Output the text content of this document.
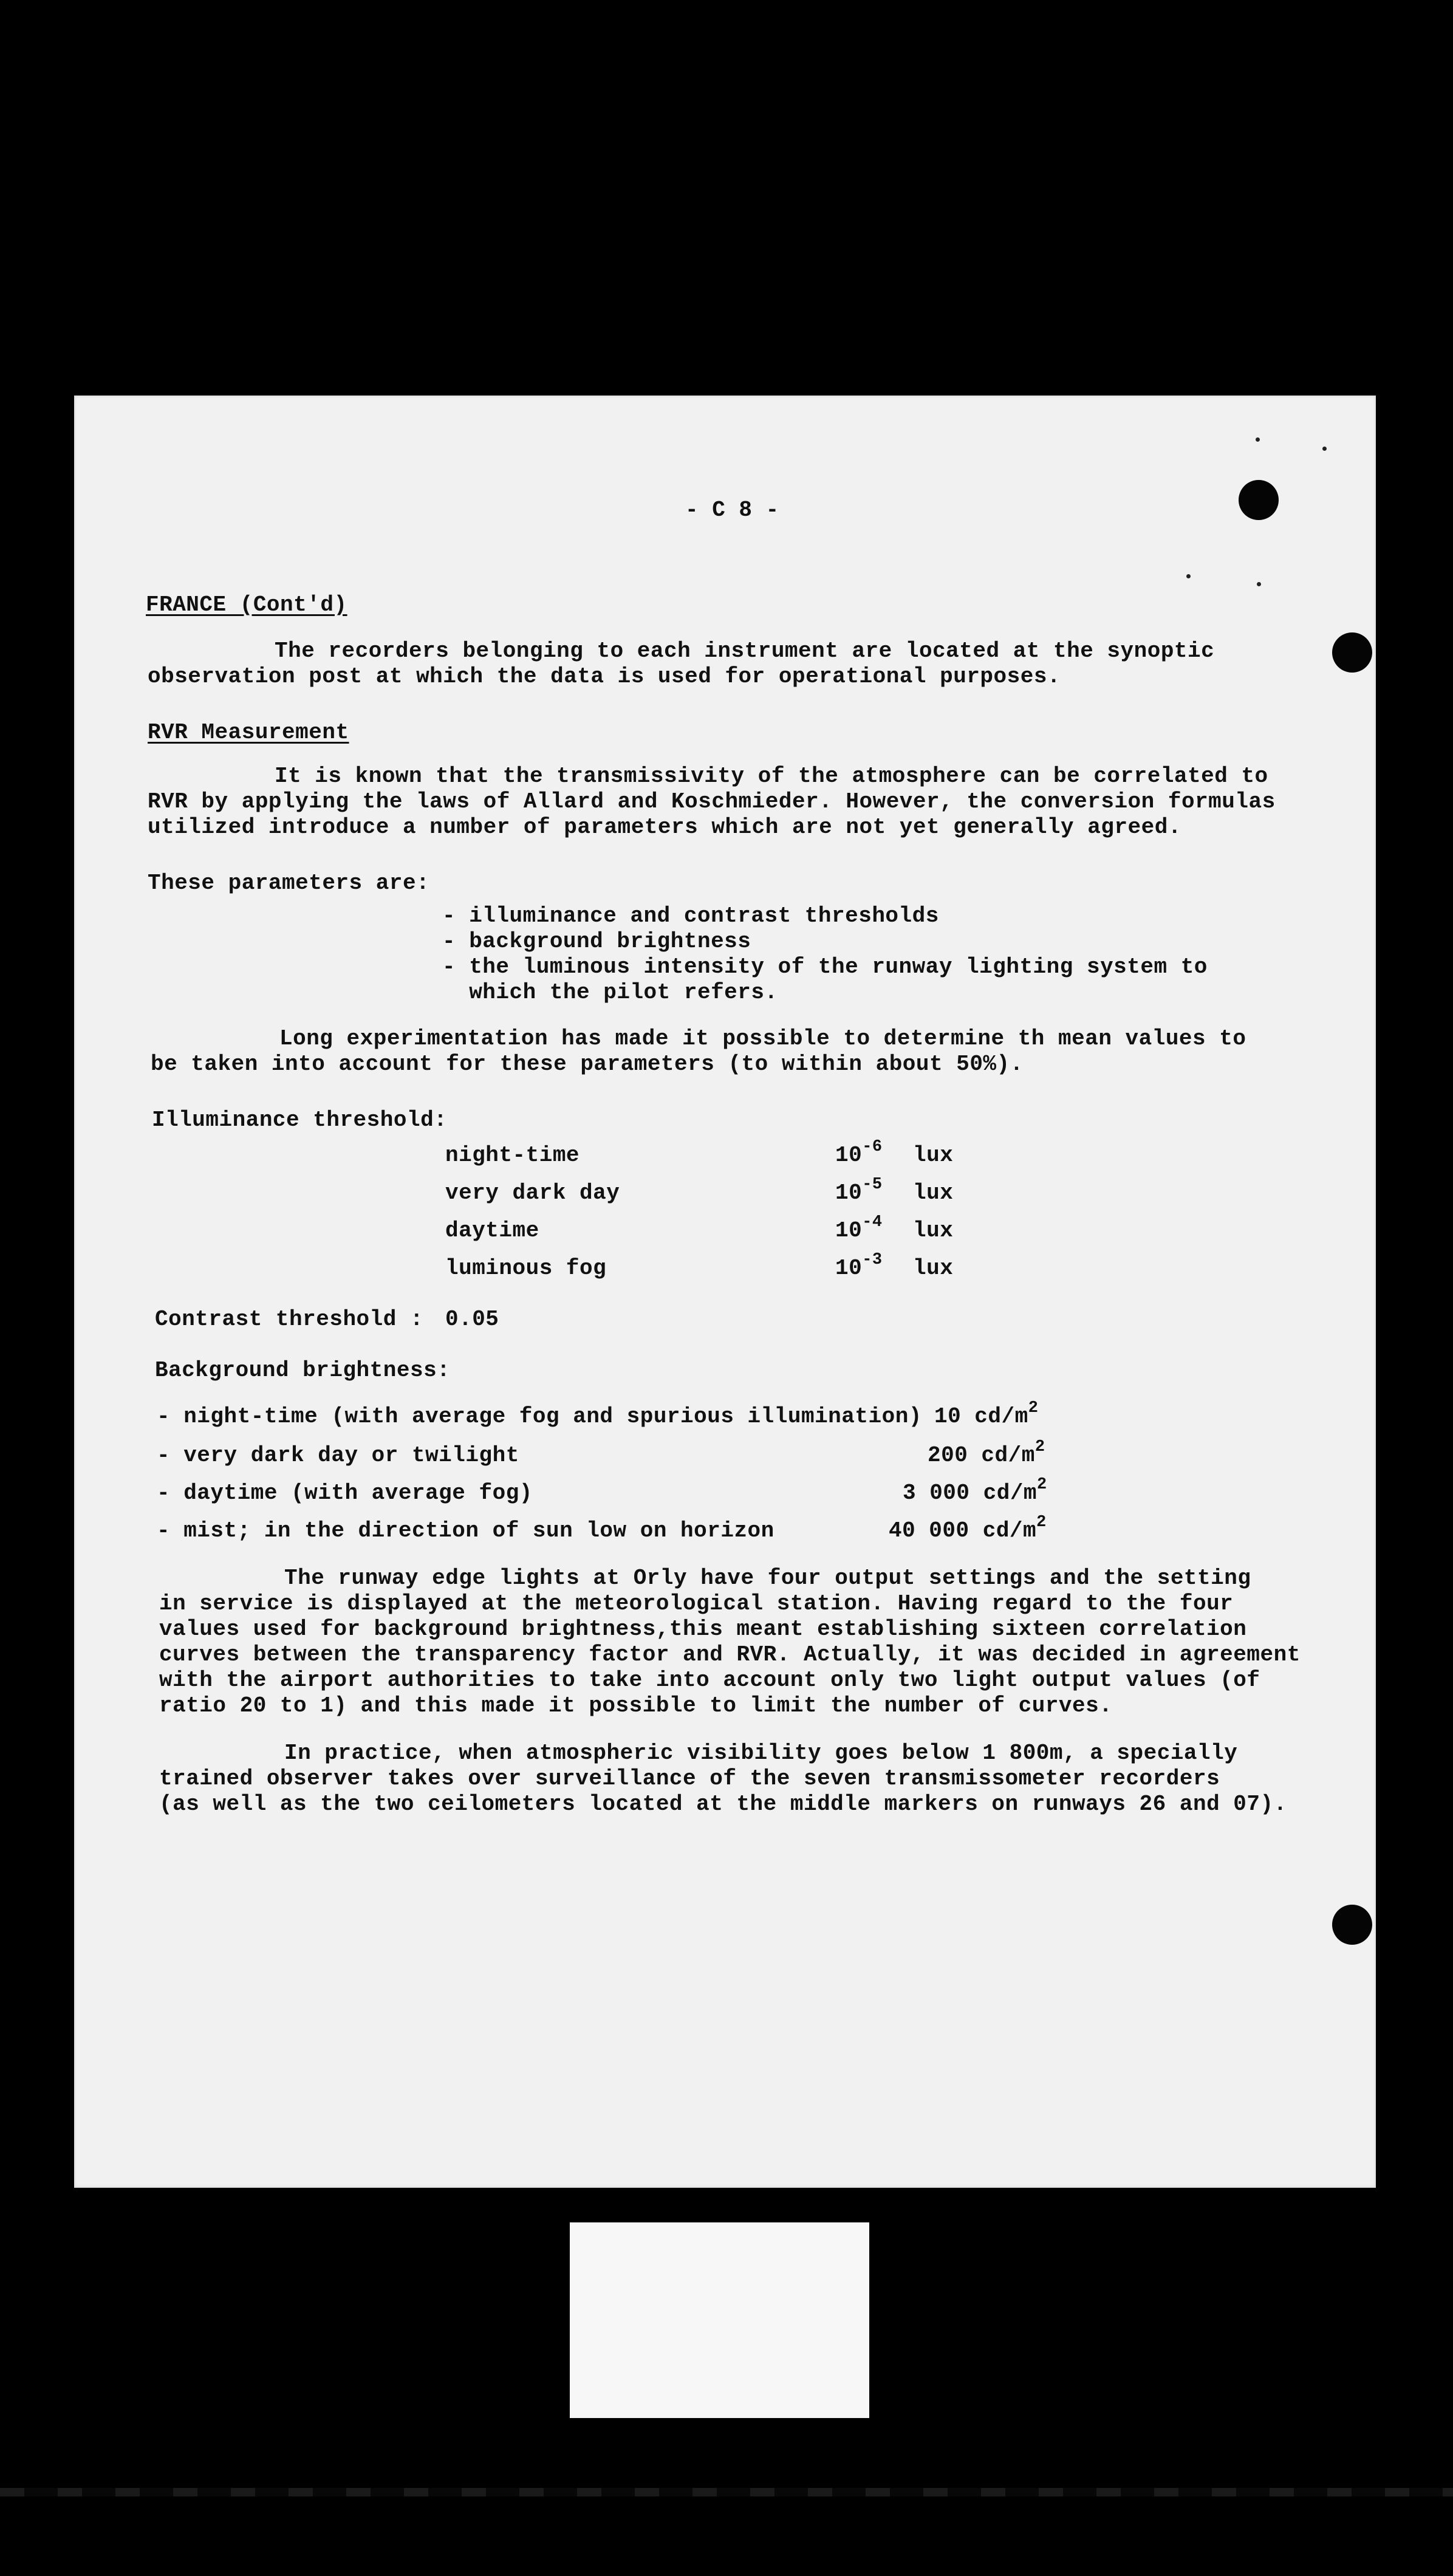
- C 8 -
FRANCE (Cont'd)
The recorders belonging to each instrument are located at the synoptic
observation post at which the data is used for operational purposes.
RVR Measurement
It is known that the transmissivity of the atmosphere can be correlated to
RVR by applying the laws of Allard and Koschmieder. However, the conversion formulas
utilized introduce a number of parameters which are not yet generally agreed.
These parameters are:
- illuminance and contrast thresholds
- background brightness
- the luminous intensity of the runway lighting system to
which the pilot refers.
Long experimentation has made it possible to determine th mean values to
be taken into account for these parameters (to within about 50%).
Illuminance threshold:
night-time	$10^{-6}$ lux
very dark day	$10^{-5}$ lux
daytime	$10^{-4}$ lux
luminous fog	$10^{-3}$ lux
Contrast threshold : 0.05
Background brightness:
- night-time (with average fog and spurious illumination) 10 $cd/m^2$
- very dark day or twilight	200 $cd/m^2$
- daytime (with average fog)	3 000 $cd/m^2$
- mist; in the direction of sun low on horizon	40 000 $cd/m^2$
The runway edge lights at Orly have four output settings and the setting
in service is displayed at the meteorological station. Having regard to the four
values used for background brightness,this meant establishing sixteen correlation
curves between the transparency factor and RVR. Actually, it was decided in agreement
with the airport authorities to take into account only two light output values (of
ratio 20 to 1) and this made it possible to limit the number of curves.
In practice, when atmospheric visibility goes below 1 800m, a specially
trained observer takes over surveillance of the seven transmissometer recorders
(as well as the two ceilometers located at the middle markers on runways 26 and 07).
